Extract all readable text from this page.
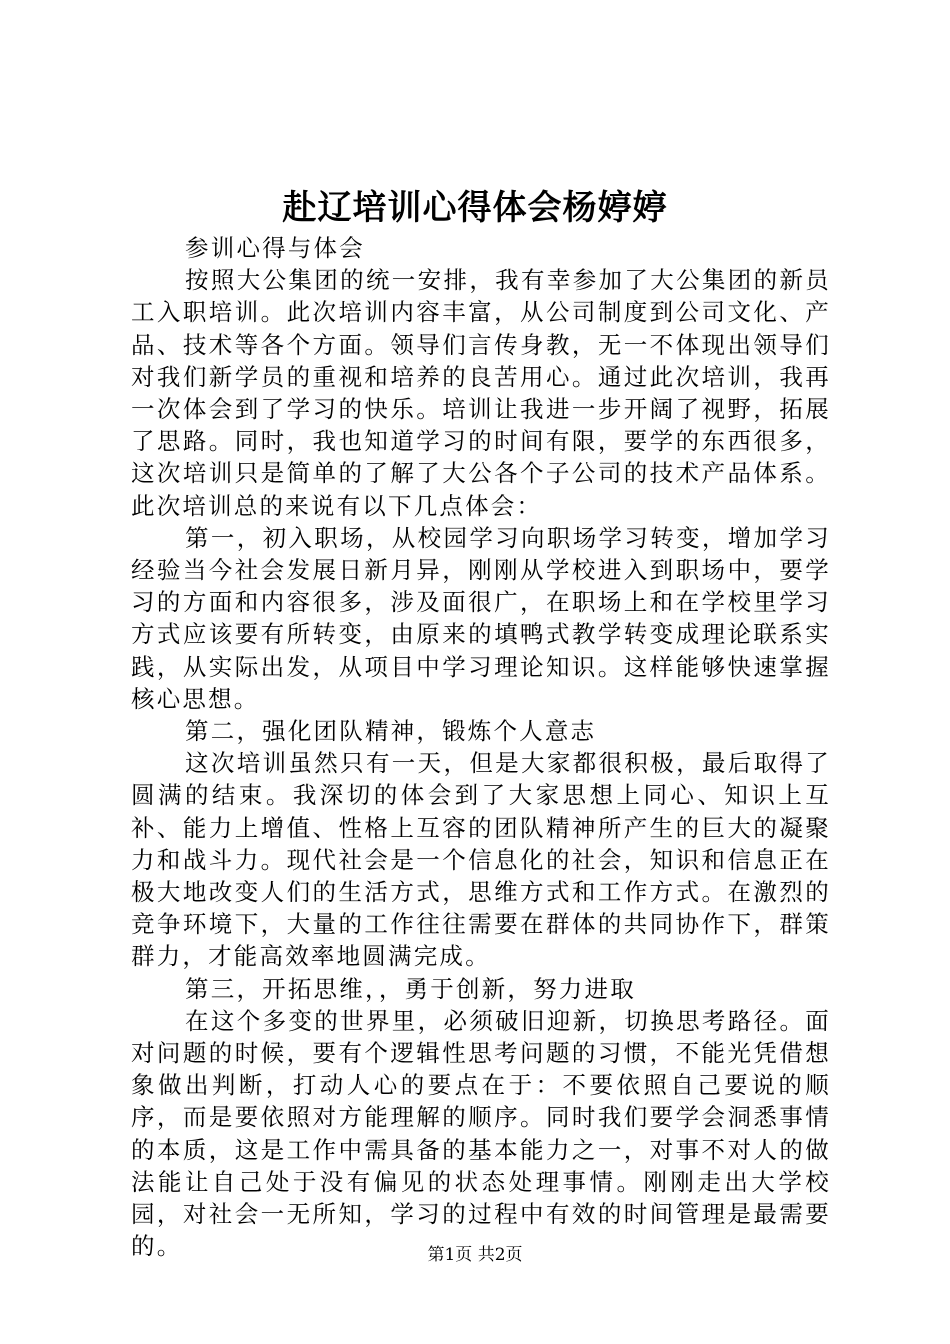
赴辽培训心得体会杨婷婷

参训心得与体会

按照大公集团的统一安排，我有幸参加了大公集团的新员工入职培训。此次培训内容丰富，从公司制度到公司文化、产品、技术等各个方面。领导们言传身教，无一不体现出领导们对我们新学员的重视和培养的良苦用心。通过此次培训，我再一次体会到了学习的快乐。培训让我进一步开阔了视野，拓展了思路。同时，我也知道学习的时间有限，要学的东西很多，这次培训只是简单的了解了大公各个子公司的技术产品体系。此次培训总的来说有以下几点体会：

第一，初入职场，从校园学习向职场学习转变，增加学习经验当今社会发展日新月异，刚刚从学校进入到职场中，要学习的方面和内容很多，涉及面很广，在职场上和在学校里学习方式应该要有所转变，由原来的填鸭式教学转变成理论联系实践，从实际出发，从项目中学习理论知识。这样能够快速掌握核心思想。

第二，强化团队精神，锻炼个人意志

这次培训虽然只有一天，但是大家都很积极，最后取得了圆满的结束。我深切的体会到了大家思想上同心、知识上互补、能力上增值、性格上互容的团队精神所产生的巨大的凝聚力和战斗力。现代社会是一个信息化的社会，知识和信息正在极大地改变人们的生活方式，思维方式和工作方式。在激烈的竞争环境下，大量的工作往往需要在群体的共同协作下，群策群力，才能高效率地圆满完成。

第三，开拓思维，，勇于创新，努力进取

在这个多变的世界里，必须破旧迎新，切换思考路径。面对问题的时候，要有个逻辑性思考问题的习惯，不能光凭借想象做出判断，打动人心的要点在于：不要依照自己要说的顺序，而是要依照对方能理解的顺序。同时我们要学会洞悉事情的本质，这是工作中需具备的基本能力之一，对事不对人的做法能让自己处于没有偏见的状态处理事情。刚刚走出大学校园，对社会一无所知，学习的过程中有效的时间管理是最需要的。	第1页 共2页
